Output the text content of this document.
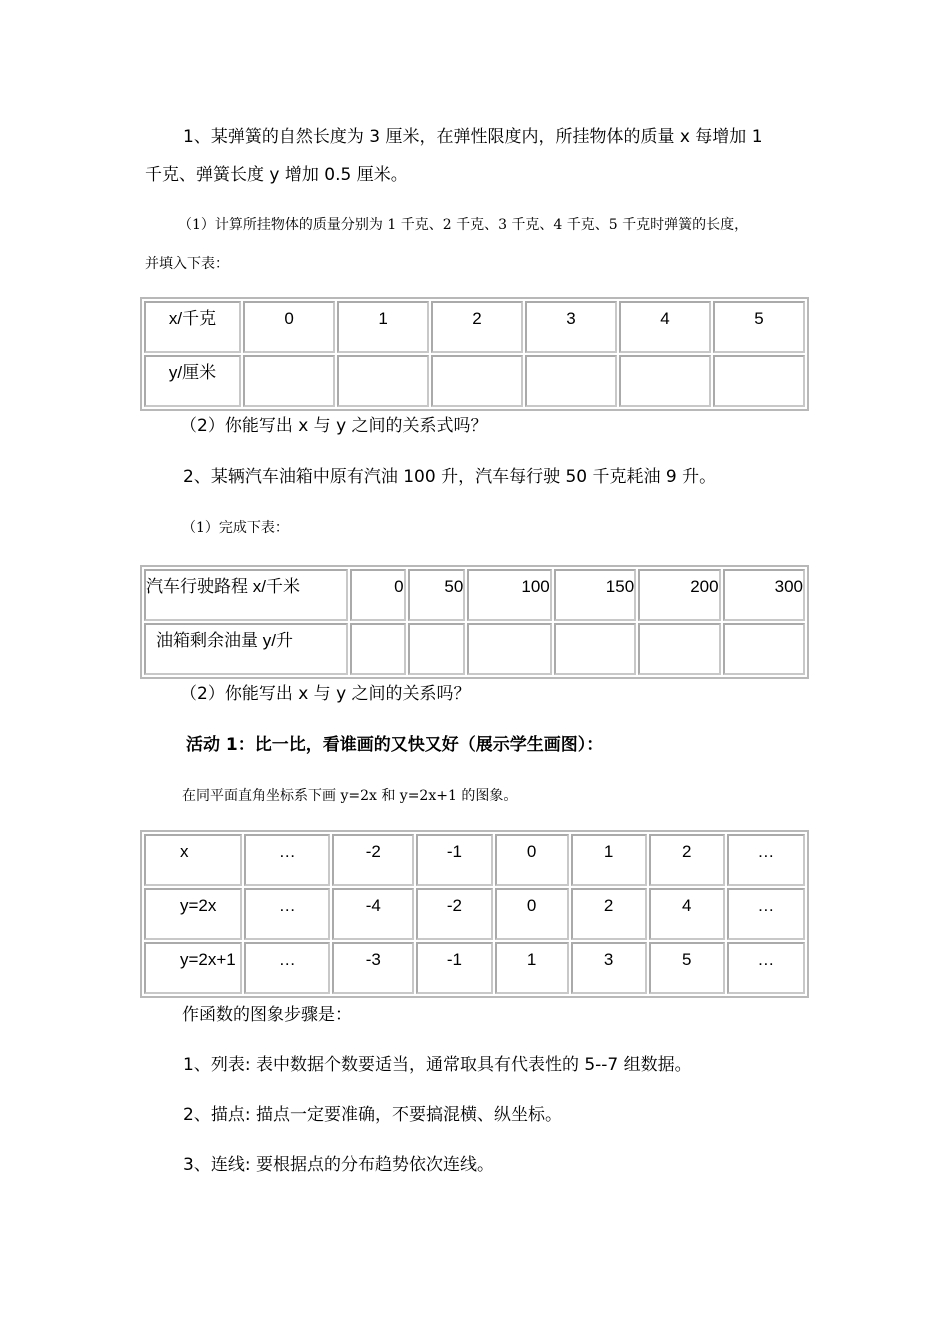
1、某弹簧的自然长度为 3 厘米，在弹性限度内，所挂物体的质量 x 每增加 1
千克、弹簧长度 y 增加 0.5 厘米。
（1）计算所挂物体的质量分别为 1 千克、2 千克、3 千克、4 千克、5 千克时弹簧的长度，
并填入下表：
x/千克	0	1	2	3	4	5
y/厘米						
（2）你能写出 x 与 y 之间的关系式吗？
2、某辆汽车油箱中原有汽油 100 升，汽车每行驶 50 千克耗油 9 升。
（1）完成下表：
汽车行驶路程 x/千米	0	50	100	150	200	300
油箱剩余油量 y/升						
（2）你能写出 x 与 y 之间的关系吗？
活动 1：比一比，看谁画的又快又好（展示学生画图）：
在同平面直角坐标系下画 y=2x 和 y=2x+1 的图象。
x	…	-2	-1	0	1	2	…
y=2x	…	-4	-2	0	2	4	…
y=2x+1	…	-3	-1	1	3	5	…
作函数的图象步骤是：
1、列表: 表中数据个数要适当，通常取具有代表性的 5--7 组数据。
2、描点: 描点一定要准确，不要搞混横、纵坐标。
3、连线: 要根据点的分布趋势依次连线。
